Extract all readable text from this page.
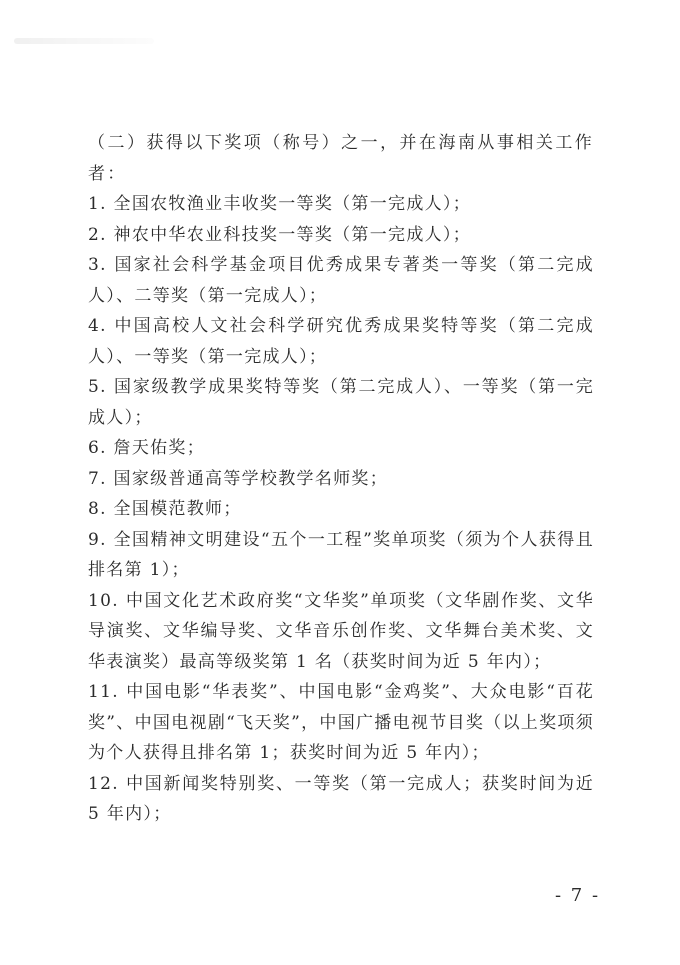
（二）获得以下奖项（称号）之一，并在海南从事相关工作者：

1. 全国农牧渔业丰收奖一等奖（第一完成人）；

2. 神农中华农业科技奖一等奖（第一完成人）；

3. 国家社会科学基金项目优秀成果专著类一等奖（第二完成人）、二等奖（第一完成人）；

4. 中国高校人文社会科学研究优秀成果奖特等奖（第二完成人）、一等奖（第一完成人）；

5. 国家级教学成果奖特等奖（第二完成人）、一等奖（第一完成人）；

6. 詹天佑奖；

7. 国家级普通高等学校教学名师奖；

8. 全国模范教师；

9. 全国精神文明建设“五个一工程”奖单项奖（须为个人获得且排名第 1）；

10. 中国文化艺术政府奖“文华奖”单项奖（文华剧作奖、文华导演奖、文华编导奖、文华音乐创作奖、文华舞台美术奖、文华表演奖）最高等级奖第 1 名（获奖时间为近 5 年内）；

11. 中国电影“华表奖”、中国电影“金鸡奖”、大众电影“百花奖”、中国电视剧“飞天奖”，中国广播电视节目奖（以上奖项须为个人获得且排名第 1；获奖时间为近 5 年内）；

12. 中国新闻奖特别奖、一等奖（第一完成人；获奖时间为近 5 年内）；

- 7 -
